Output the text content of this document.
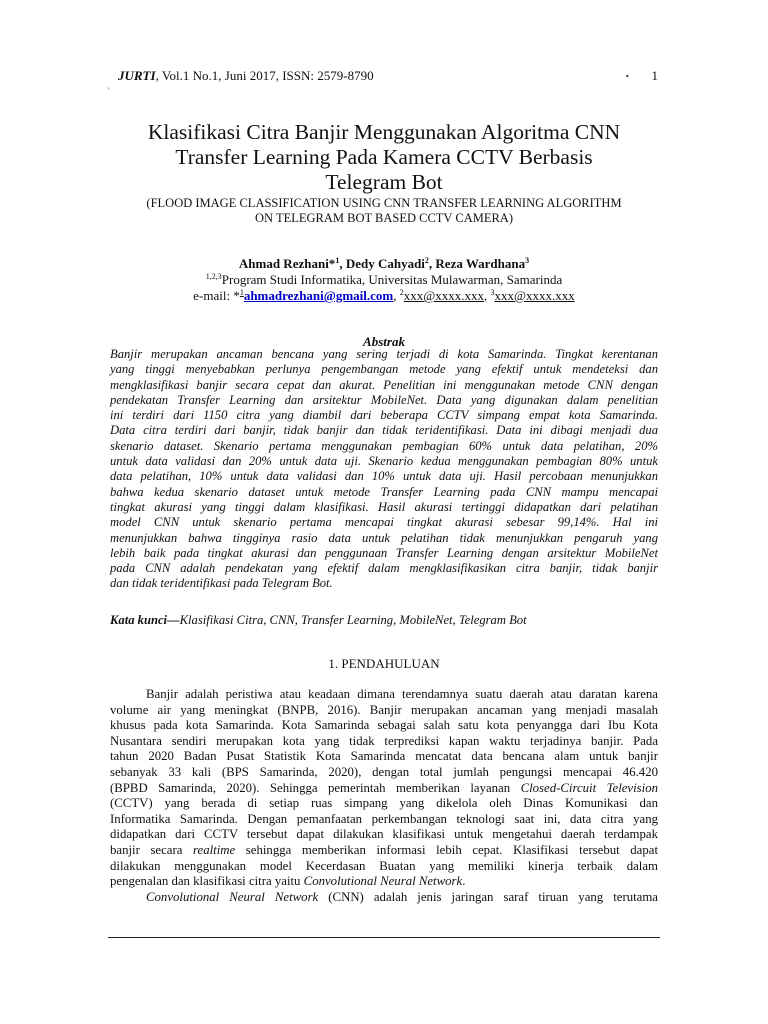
JURTI, Vol.1 No.1, Juni 2017, ISSN: 2579-8790	· 1
'
Klasifikasi Citra Banjir Menggunakan Algoritma CNN
Transfer Learning Pada Kamera CCTV Berbasis
Telegram Bot
(FLOOD IMAGE CLASSIFICATION USING CNN TRANSFER LEARNING ALGORITHM
ON TELEGRAM BOT BASED CCTV CAMERA)
Ahmad Rezhani*$^1$, Dedy Cahyadi$^2$, Reza Wardhana$^3$
$^{1,2,3}$Program Studi Informatika, Universitas Mulawarman, Samarinda
e-mail: *$^1$ahmadrezhani@gmail.com, $^2$xxx@xxxx.xxx, $^3$xxx@xxxx.xxx
Abstrak
Banjir merupakan ancaman bencana yang sering terjadi di kota Samarinda. Tingkat kerentanan
yang tinggi menyebabkan perlunya pengembangan metode yang efektif untuk mendeteksi dan
mengklasifikasi banjir secara cepat dan akurat. Penelitian ini menggunakan metode CNN dengan
pendekatan Transfer Learning dan arsitektur MobileNet. Data yang digunakan dalam penelitian
ini terdiri dari 1150 citra yang diambil dari beberapa CCTV simpang empat kota Samarinda.
Data citra terdiri dari banjir, tidak banjir dan tidak teridentifikasi. Data ini dibagi menjadi dua
skenario dataset. Skenario pertama menggunakan pembagian 60% untuk data pelatihan, 20%
untuk data validasi dan 20% untuk data uji. Skenario kedua menggunakan pembagian 80% untuk
data pelatihan, 10% untuk data validasi dan 10% untuk data uji. Hasil percobaan menunjukkan
bahwa kedua skenario dataset untuk metode Transfer Learning pada CNN mampu mencapai
tingkat akurasi yang tinggi dalam klasifikasi. Hasil akurasi tertinggi didapatkan dari pelatihan
model CNN untuk skenario pertama mencapai tingkat akurasi sebesar 99,14%. Hal ini
menunjukkan bahwa tingginya rasio data untuk pelatihan tidak menunjukkan pengaruh yang
lebih baik pada tingkat akurasi dan penggunaan Transfer Learning dengan arsitektur MobileNet
pada CNN adalah pendekatan yang efektif dalam mengklasifikasikan citra banjir, tidak banjir
dan tidak teridentifikasi pada Telegram Bot.
Kata kunci—Klasifikasi Citra, CNN, Transfer Learning, MobileNet, Telegram Bot
1. PENDAHULUAN
Banjir adalah peristiwa atau keadaan dimana terendamnya suatu daerah atau daratan karena
volume air yang meningkat (BNPB, 2016). Banjir merupakan ancaman yang menjadi masalah
khusus pada kota Samarinda. Kota Samarinda sebagai salah satu kota penyangga dari Ibu Kota
Nusantara sendiri merupakan kota yang tidak terprediksi kapan waktu terjadinya banjir. Pada
tahun 2020 Badan Pusat Statistik Kota Samarinda mencatat data bencana alam untuk banjir
sebanyak 33 kali (BPS Samarinda, 2020), dengan total jumlah pengungsi mencapai 46.420
(BPBD Samarinda, 2020). Sehingga pemerintah memberikan layanan Closed-Circuit Television
(CCTV) yang berada di setiap ruas simpang yang dikelola oleh Dinas Komunikasi dan
Informatika Samarinda. Dengan pemanfaatan perkembangan teknologi saat ini, data citra yang
didapatkan dari CCTV tersebut dapat dilakukan klasifikasi untuk mengetahui daerah terdampak
banjir secara realtime sehingga memberikan informasi lebih cepat. Klasifikasi tersebut dapat
dilakukan menggunakan model Kecerdasan Buatan yang memiliki kinerja terbaik dalam
pengenalan dan klasifikasi citra yaitu Convolutional Neural Network.
Convolutional Neural Network (CNN) adalah jenis jaringan saraf tiruan yang terutama
